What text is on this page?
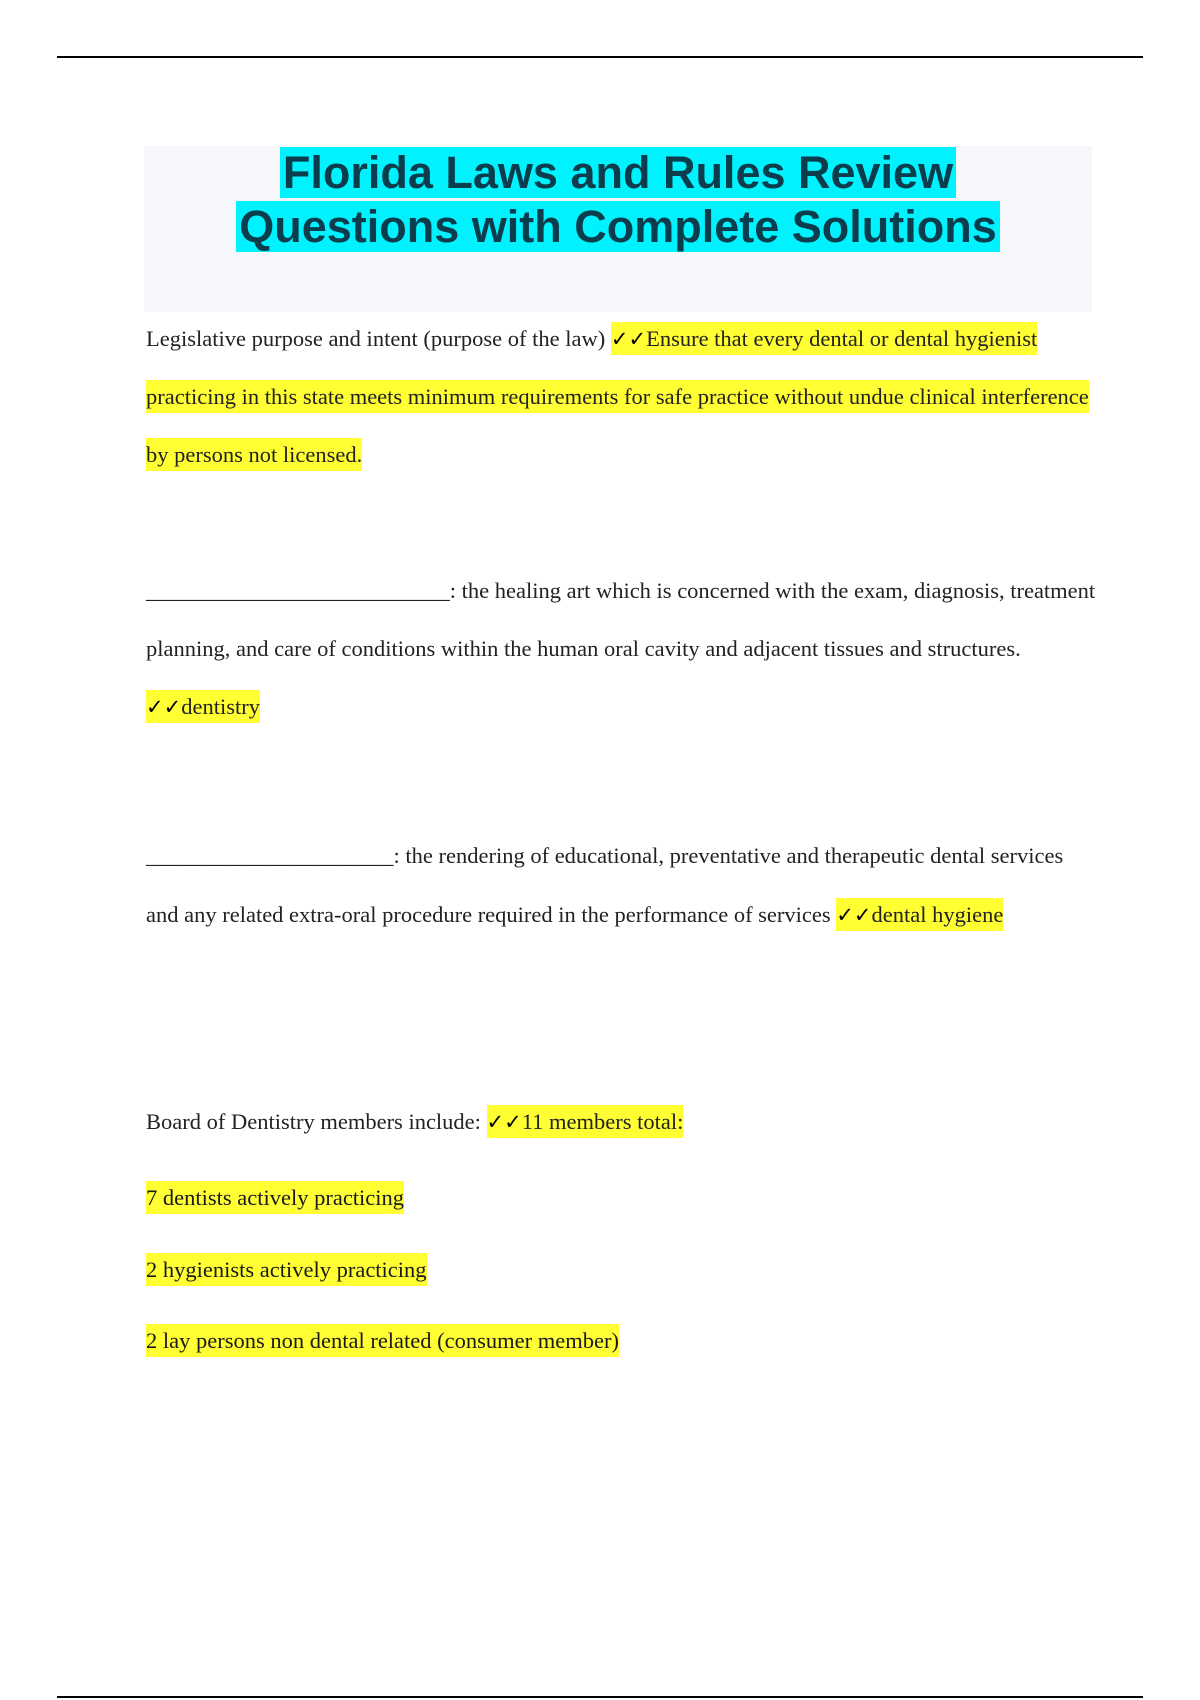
Florida Laws and Rules Review
Questions with Complete Solutions

Legislative purpose and intent (purpose of the law) ✓✓Ensure that every dental or dental hygienist practicing in this state meets minimum requirements for safe practice without undue clinical interference by persons not licensed.

___________________________: the healing art which is concerned with the exam, diagnosis, treatment planning, and care of conditions within the human oral cavity and adjacent tissues and structures. ✓✓dentistry

______________________: the rendering of educational, preventative and therapeutic dental services and any related extra-oral procedure required in the performance of services ✓✓dental hygiene

Board of Dentistry members include: ✓✓11 members total:

7 dentists actively practicing
2 hygienists actively practicing
2 lay persons non dental related (consumer member)
